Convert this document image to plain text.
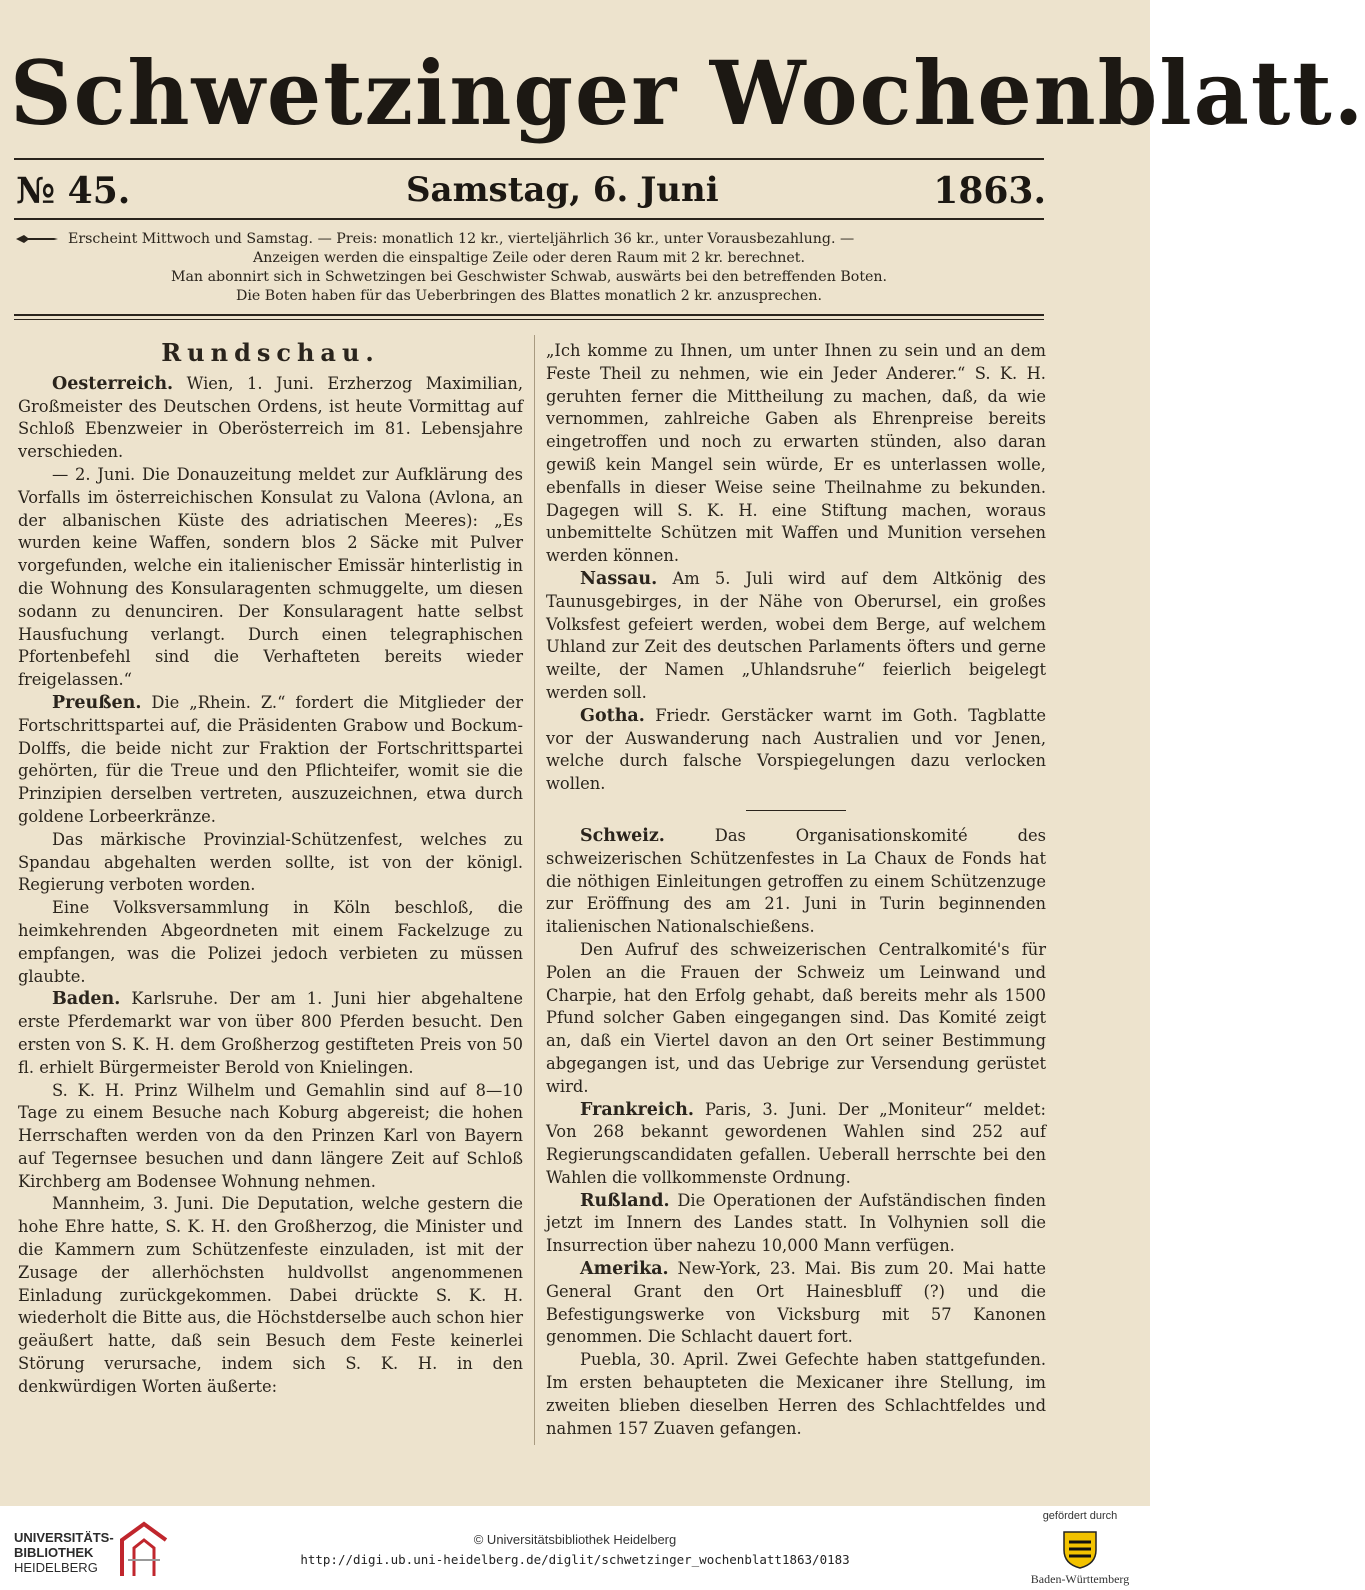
Schwetzinger Wochenblatt.
№ 45.	Samstag, 6. Juni	1863.
Erscheint Mittwoch und Samstag. — Preis: monatlich 12 kr., vierteljährlich 36 kr., unter Vorausbezahlung. —
Anzeigen werden die einspaltige Zeile oder deren Raum mit 2 kr. berechnet.
Man abonnirt sich in Schwetzingen bei Geschwister Schwab, auswärts bei den betreffenden Boten.
Die Boten haben für das Ueberbringen des Blattes monatlich 2 kr. anzusprechen.
Rundschau.

Oesterreich. Wien, 1. Juni. Erzherzog Maximilian, Großmeister des Deutschen Ordens, ist heute Vormittag auf Schloß Ebenzweier in Oberösterreich im 81. Lebensjahre verschieden.

— 2. Juni. Die Donauzeitung meldet zur Aufklärung des Vorfalls im österreichischen Konsulat zu Valona (Avlona, an der albanischen Küste des adriatischen Meeres): „Es wurden keine Waffen, sondern blos 2 Säcke mit Pulver vorgefunden, welche ein italienischer Emissär hinterlistig in die Wohnung des Konsularagenten schmuggelte, um diesen sodann zu denunciren. Der Konsularagent hatte selbst Hausfuchung verlangt. Durch einen telegraphischen Pfortenbefehl sind die Verhafteten bereits wieder freigelassen.“

Preußen. Die „Rhein. Z.“ fordert die Mitglieder der Fortschrittspartei auf, die Präsidenten Grabow und Bockum-Dolffs, die beide nicht zur Fraktion der Fortschrittspartei gehörten, für die Treue und den Pflichteifer, womit sie die Prinzipien derselben vertreten, auszuzeichnen, etwa durch goldene Lorbeerkränze.

Das märkische Provinzial-Schützenfest, welches zu Spandau abgehalten werden sollte, ist von der königl. Regierung verboten worden.

Eine Volksversammlung in Köln beschloß, die heimkehrenden Abgeordneten mit einem Fackelzuge zu empfangen, was die Polizei jedoch verbieten zu müssen glaubte.

Baden. Karlsruhe. Der am 1. Juni hier abgehaltene erste Pferdemarkt war von über 800 Pferden besucht. Den ersten von S. K. H. dem Großherzog gestifteten Preis von 50 fl. erhielt Bürgermeister Berold von Knielingen.

S. K. H. Prinz Wilhelm und Gemahlin sind auf 8—10 Tage zu einem Besuche nach Koburg abgereist; die hohen Herrschaften werden von da den Prinzen Karl von Bayern auf Tegernsee besuchen und dann längere Zeit auf Schloß Kirchberg am Bodensee Wohnung nehmen.

Mannheim, 3. Juni. Die Deputation, welche gestern die hohe Ehre hatte, S. K. H. den Großherzog, die Minister und die Kammern zum Schützenfeste einzuladen, ist mit der Zusage der allerhöchsten huldvollst angenommenen Einladung zurückgekommen. Dabei drückte S. K. H. wiederholt die Bitte aus, die Höchstderselbe auch schon hier geäußert hatte, daß sein Besuch dem Feste keinerlei Störung verursache, indem sich S. K. H. in den denkwürdigen Worten äußerte:

„Ich komme zu Ihnen, um unter Ihnen zu sein und an dem Feste Theil zu nehmen, wie ein Jeder Anderer.“ S. K. H. geruhten ferner die Mittheilung zu machen, daß, da wie vernommen, zahlreiche Gaben als Ehrenpreise bereits eingetroffen und noch zu erwarten stünden, also daran gewiß kein Mangel sein würde, Er es unterlassen wolle, ebenfalls in dieser Weise seine Theilnahme zu bekunden. Dagegen will S. K. H. eine Stiftung machen, woraus unbemittelte Schützen mit Waffen und Munition versehen werden können.

Nassau. Am 5. Juli wird auf dem Altkönig des Taunusgebirges, in der Nähe von Oberursel, ein großes Volksfest gefeiert werden, wobei dem Berge, auf welchem Uhland zur Zeit des deutschen Parlaments öfters und gerne weilte, der Namen „Uhlandsruhe“ feierlich beigelegt werden soll.

Gotha. Friedr. Gerstäcker warnt im Goth. Tagblatte vor der Auswanderung nach Australien und vor Jenen, welche durch falsche Vorspiegelungen dazu verlocken wollen.

Schweiz.	Das Organisationskomité des schweizerischen Schützenfestes in La Chaux de Fonds hat die nöthigen Einleitungen getroffen zu einem Schützenzuge zur Eröffnung des am 21. Juni in Turin beginnenden italienischen Nationalschießens.

Den Aufruf des schweizerischen Centralkomité's für Polen an die Frauen der Schweiz um Leinwand und Charpie, hat den Erfolg gehabt, daß bereits mehr als 1500 Pfund solcher Gaben eingegangen sind. Das Komité zeigt an, daß ein Viertel davon an den Ort seiner Bestimmung abgegangen ist, und das Uebrige zur Versendung gerüstet wird.

Frankreich. Paris, 3. Juni. Der „Moniteur“ meldet: Von 268 bekannt gewordenen Wahlen sind 252 auf Regierungscandidaten gefallen. Ueberall herrschte bei den Wahlen die vollkommenste Ordnung.

Rußland. Die Operationen der Aufständischen finden jetzt im Innern des Landes statt. In Volhynien soll die Insurrection über nahezu 10,000 Mann verfügen.

Amerika. New-York, 23. Mai. Bis zum 20. Mai hatte General Grant den Ort Hainesbluff (?) und die Befestigungswerke von Vicksburg mit 57 Kanonen genommen. Die Schlacht dauert fort.

Puebla, 30. April. Zwei Gefechte haben stattgefunden. Im ersten behaupteten die Mexicaner ihre Stellung, im zweiten blieben dieselben Herren des Schlachtfeldes und nahmen 157 Zuaven gefangen.

UNIVERSITÄTS-
BIBLIOTHEK
HEIDELBERG
© Universitätsbibliothek Heidelberg
http://digi.ub.uni-heidelberg.de/diglit/schwetzinger_wochenblatt1863/0183
gefördert durch
Baden-Württemberg
